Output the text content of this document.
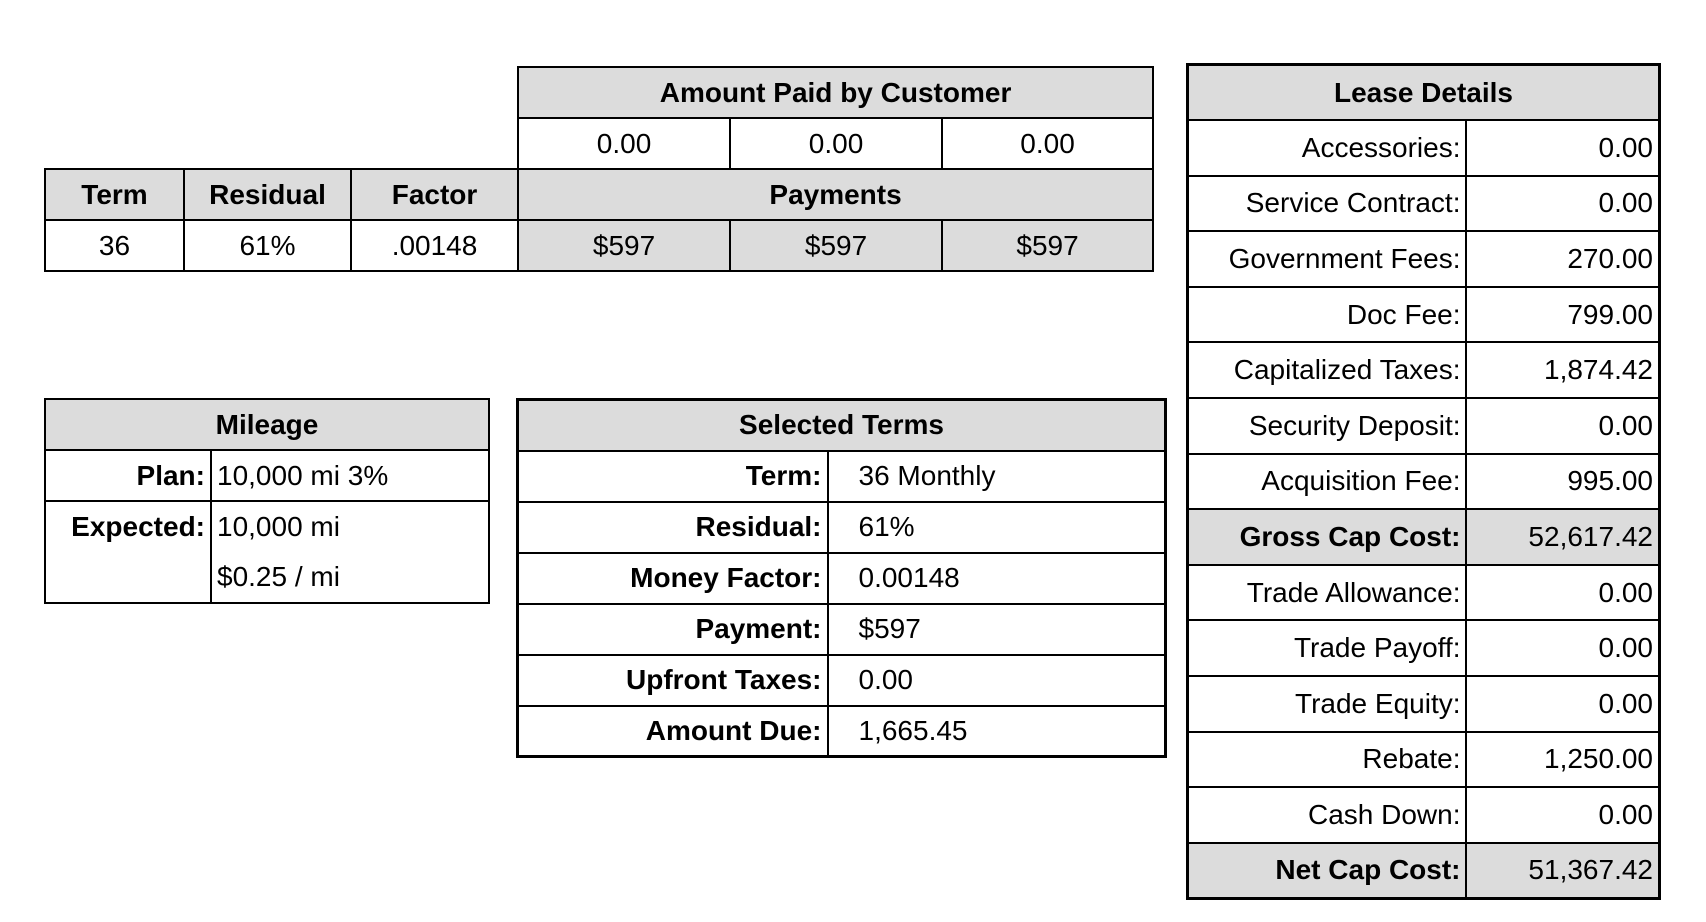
			Amount Paid by Customer		
			0.00	0.00	0.00
Term	Residual	Factor	Payments		
36	61%	.00148	$597	$597	$597
Mileage	
Plan:	10,000 mi 3%
Expected:	10,000 mi
	$0.25 / mi
Selected Terms	
Term:	36 Monthly
Residual:	61%
Money Factor:	0.00148
Payment:	$597
Upfront Taxes:	0.00
Amount Due:	1,665.45
Lease Details	
Accessories:	0.00
Service Contract:	0.00
Government Fees:	270.00
Doc Fee:	799.00
Capitalized Taxes:	1,874.42
Security Deposit:	0.00
Acquisition Fee:	995.00
Gross Cap Cost:	52,617.42
Trade Allowance:	0.00
Trade Payoff:	0.00
Trade Equity:	0.00
Rebate:	1,250.00
Cash Down:	0.00
Net Cap Cost:	51,367.42
